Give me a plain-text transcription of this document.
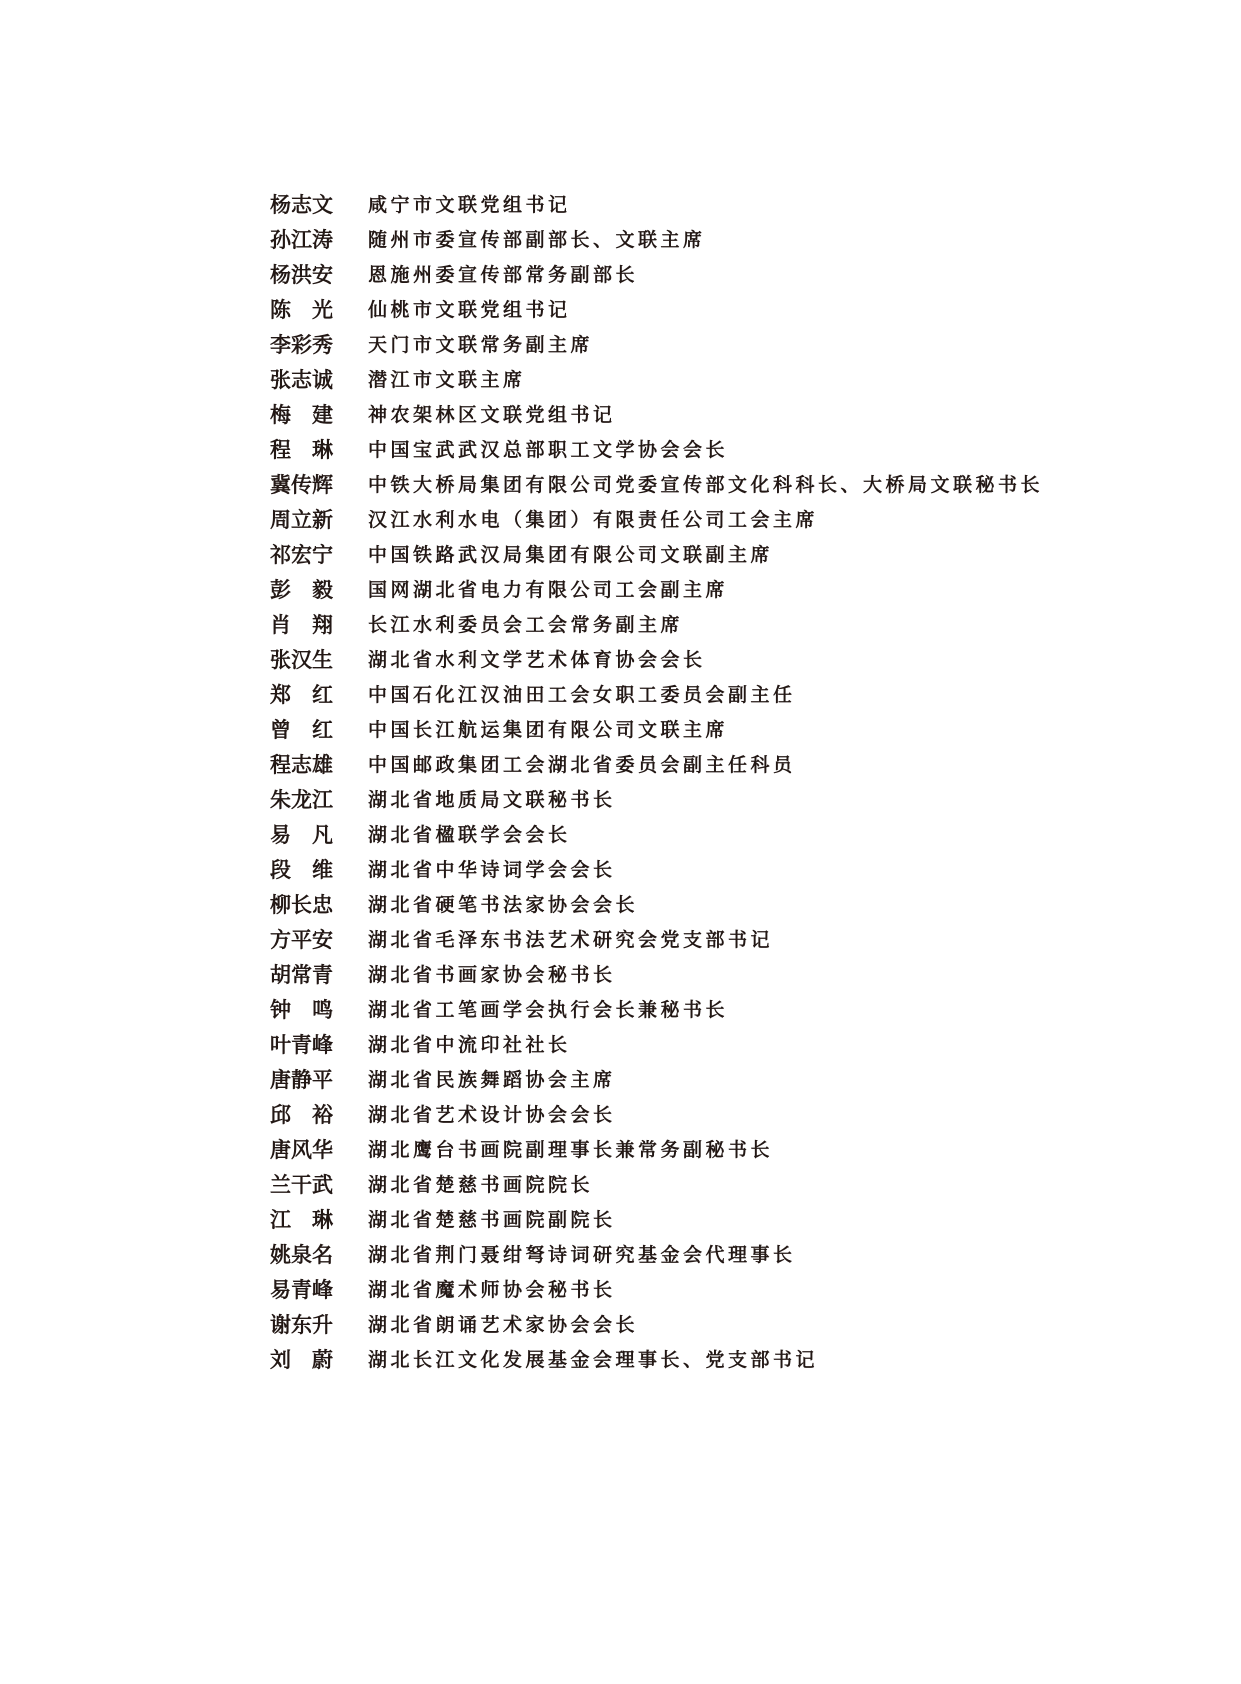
杨志文	咸宁市文联党组书记
孙江涛	随州市委宣传部副部长、文联主席
杨洪安	恩施州委宣传部常务副部长
陈　光	仙桃市文联党组书记
李彩秀	天门市文联常务副主席
张志诚	潜江市文联主席
梅　建	神农架林区文联党组书记
程　琳	中国宝武武汉总部职工文学协会会长
冀传辉	中铁大桥局集团有限公司党委宣传部文化科科长、大桥局文联秘书长
周立新	汉江水利水电（集团）有限责任公司工会主席
祁宏宁	中国铁路武汉局集团有限公司文联副主席
彭　毅	国网湖北省电力有限公司工会副主席
肖　翔	长江水利委员会工会常务副主席
张汉生	湖北省水利文学艺术体育协会会长
郑　红	中国石化江汉油田工会女职工委员会副主任
曾　红	中国长江航运集团有限公司文联主席
程志雄	中国邮政集团工会湖北省委员会副主任科员
朱龙江	湖北省地质局文联秘书长
易　凡	湖北省楹联学会会长
段　维	湖北省中华诗词学会会长
柳长忠	湖北省硬笔书法家协会会长
方平安	湖北省毛泽东书法艺术研究会党支部书记
胡常青	湖北省书画家协会秘书长
钟　鸣	湖北省工笔画学会执行会长兼秘书长
叶青峰	湖北省中流印社社长
唐静平	湖北省民族舞蹈协会主席
邱　裕	湖北省艺术设计协会会长
唐风华	湖北鹰台书画院副理事长兼常务副秘书长
兰干武	湖北省楚慈书画院院长
江　琳	湖北省楚慈书画院副院长
姚泉名	湖北省荆门聂绀弩诗词研究基金会代理事长
易青峰	湖北省魔术师协会秘书长
谢东升	湖北省朗诵艺术家协会会长
刘　蔚	湖北长江文化发展基金会理事长、党支部书记
